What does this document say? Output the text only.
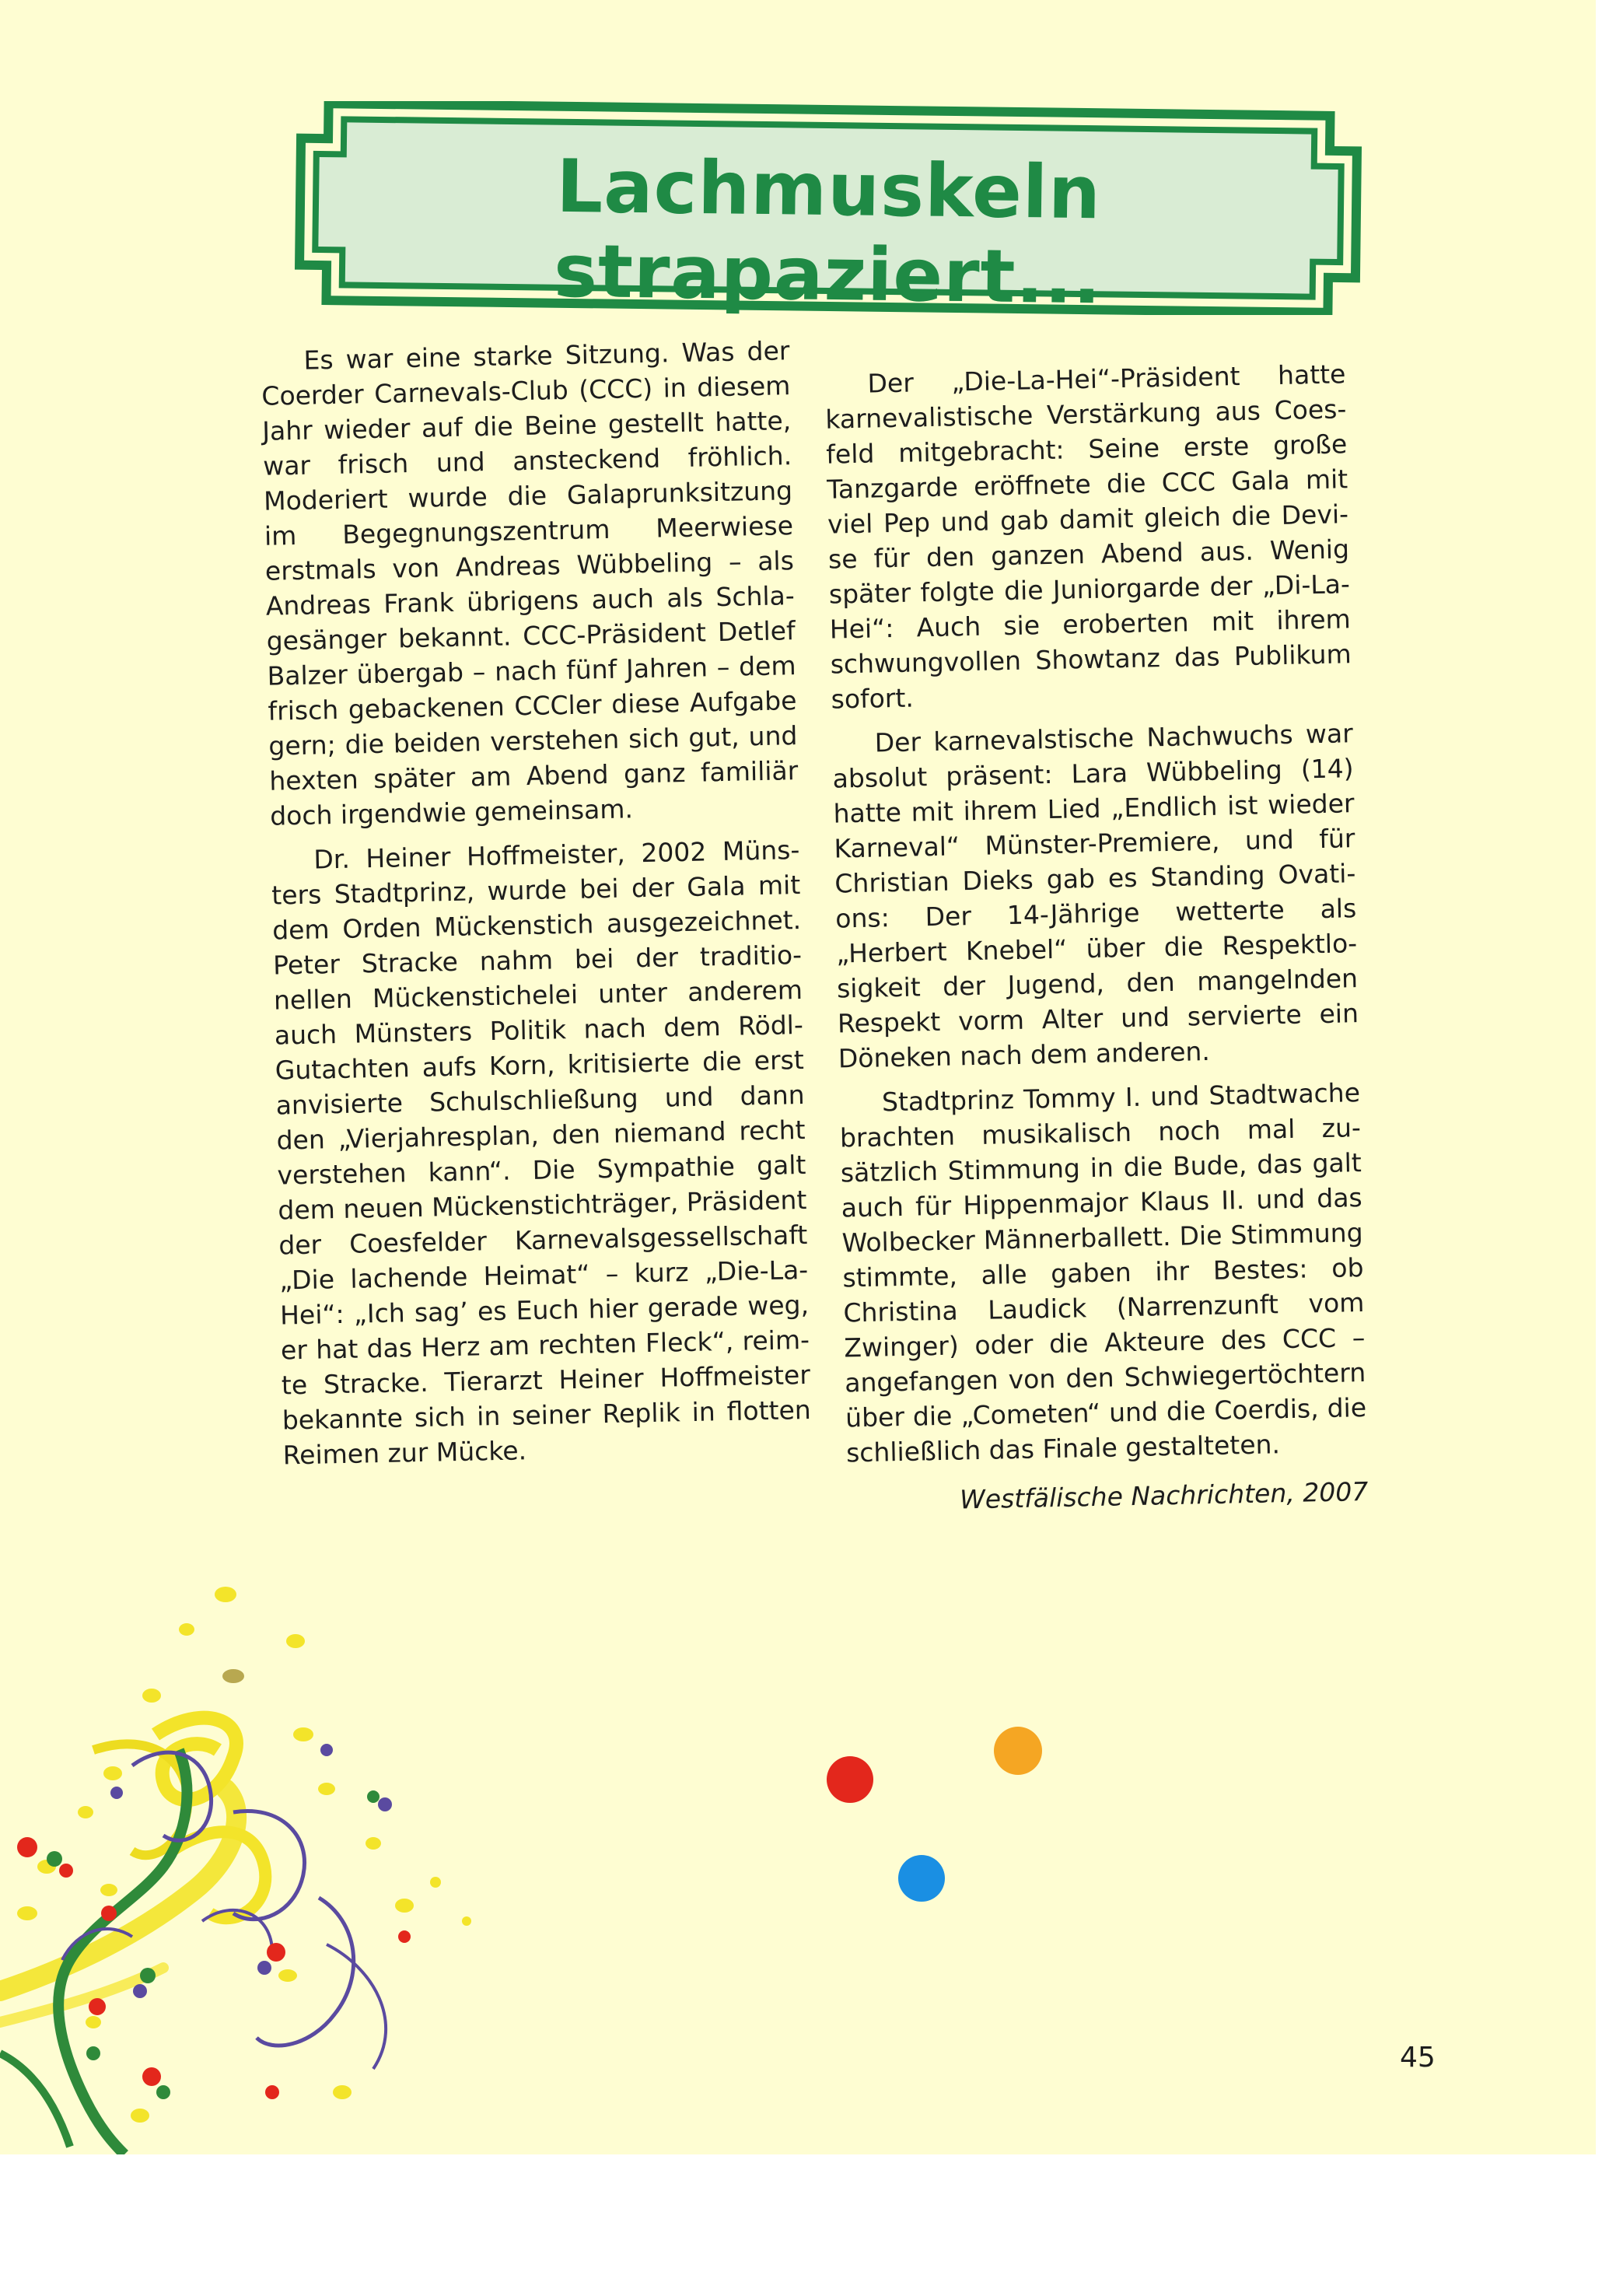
Lachmuskeln strapaziert...

Es war eine starke Sitzung. Was der Coerder Carnevals-Club (CCC) in diesem Jahr wieder auf die Beine gestellt hatte, war frisch und ansteckend fröhlich. Moderiert wurde die Galaprunksitzung im Begegnungszentrum Meerwiese erstmals von Andreas Wübbeling – als Andreas Frank übrigens auch als Schlagesänger bekannt. CCC-Präsident Detlef Balzer übergab – nach fünf Jahren – dem frisch gebackenen CCCler diese Aufgabe gern; die beiden verstehen sich gut, und hexten später am Abend ganz familiär doch irgendwie gemeinsam.

Dr. Heiner Hoffmeister, 2002 Münsters Stadtprinz, wurde bei der Gala mit dem Orden Mückenstich ausgezeichnet. Peter Stracke nahm bei der traditionellen Mückenstichelei unter anderem auch Münsters Politik nach dem Rödl-Gutachten aufs Korn, kritisierte die erst anvisierte Schulschließung und dann den „Vierjahresplan, den niemand recht verstehen kann“. Die Sympathie galt dem neuen Mückenstichträger, Präsident der Coesfelder Karnevalsgessellschaft „Die lachende Heimat“ – kurz „Die-La-Hei“: „Ich sag’ es Euch hier gerade weg, er hat das Herz am rechten Fleck“, reimte Stracke. Tierarzt Heiner Hoffmeister bekannte sich in seiner Replik in flotten Reimen zur Mücke.

Der „Die-La-Hei“-Präsident hatte karnevalistische Verstärkung aus Coesfeld mitgebracht: Seine erste große Tanzgarde eröffnete die CCC Gala mit viel Pep und gab damit gleich die Devise für den ganzen Abend aus. Wenig später folgte die Juniorgarde der „Di-La-Hei“: Auch sie eroberten mit ihrem schwungvollen Showtanz das Publikum sofort.

Der karnevalstische Nachwuchs war absolut präsent: Lara Wübbeling (14) hatte mit ihrem Lied „Endlich ist wieder Karneval“ Münster-Premiere, und für Christian Dieks gab es Standing Ovations: Der 14-Jährige wetterte als „Herbert Knebel“ über die Respektlosigkeit der Jugend, den mangelnden Respekt vorm Alter und servierte ein Döneken nach dem anderen.

Stadtprinz Tommy I. und Stadtwache brachten musikalisch noch mal zusätzlich Stimmung in die Bude, das galt auch für Hippenmajor Klaus II. und das Wolbecker Männerballett. Die Stimmung stimmte, alle gaben ihr Bestes: ob Christina Laudick (Narrenzunft vom Zwinger) oder die Akteure des CCC – angefangen von den Schwiegertöchtern über die „Cometen“ und die Coerdis, die schließlich das Finale gestalteten.

Westfälische Nachrichten, 2007
45
